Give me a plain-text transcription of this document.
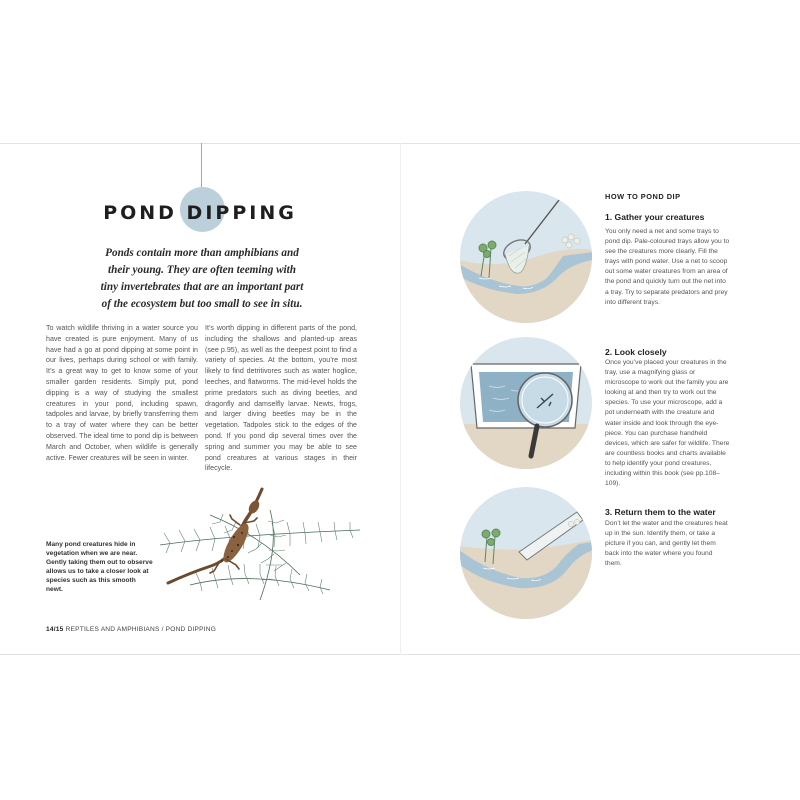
POND DIPPING
Ponds contain more than amphibians and their young. They are often teeming with tiny invertebrates that are an important part of the ecosystem but too small to see in situ.
To watch wildlife thriving in a water source you have created is pure enjoyment. Many of us have had a go at pond dipping at some point in our lives, perhaps during school or with family. It’s a great way to get to know some of your smaller garden residents. Simply put, pond dipping is a way of studying the smallest creatures in your pond, including spawn, tadpoles and larvae, by briefly transferring them to a tray of water where they can be better observed. The ideal time to pond dip is between March and October, when wildlife is generally active. Fewer creatures will be seen in winter.
It’s worth dipping in different parts of the pond, including the shallows and planted-up areas (see p.95), as well as the deepest point to find a variety of species. At the bottom, you’re most likely to find detritivores such as water hoglice, leeches, and flatworms. The mid-level holds the prime predators such as diving beetles, and dragonfly and damselfly larvae. Newts, frogs, and larger diving beetles may be in the vegetation. Tadpoles stick to the edges of the pond. If you pond dip several times over the spring and summer you may be able to see pond creatures at various stages in their lifecycle.
Many pond creatures hide in vegetation when we are near. Gently taking them out to observe allows us to take a closer look at species such as this smooth newt.
14/15 REPTILES AND AMPHIBIANS / POND DIPPING
HOW TO POND DIP
1. Gather your creatures
You only need a net and some trays to pond dip. Pale-coloured trays allow you to see the creatures more clearly. Fill the trays with pond water. Use a net to scoop out some water creatures from an area of the pond and quickly turn out the net into a tray. Try to separate predators and prey into different trays.
2. Look closely
Once you’ve placed your creatures in the tray, use a magnifying glass or microscope to work out the family you are looking at and then try to work out the species. To use your microscope, add a pot underneath with the creature and water inside and look through the eye-piece. You can purchase handheld devices, which are safer for wildlife. There are countless books and charts available to help identify your pond creatures, including within this book (see pp.108–109).
3. Return them to the water
Don’t let the water and the creatures heat up in the sun. Identify them, or take a picture if you can, and gently let them back into the water where you found them.
